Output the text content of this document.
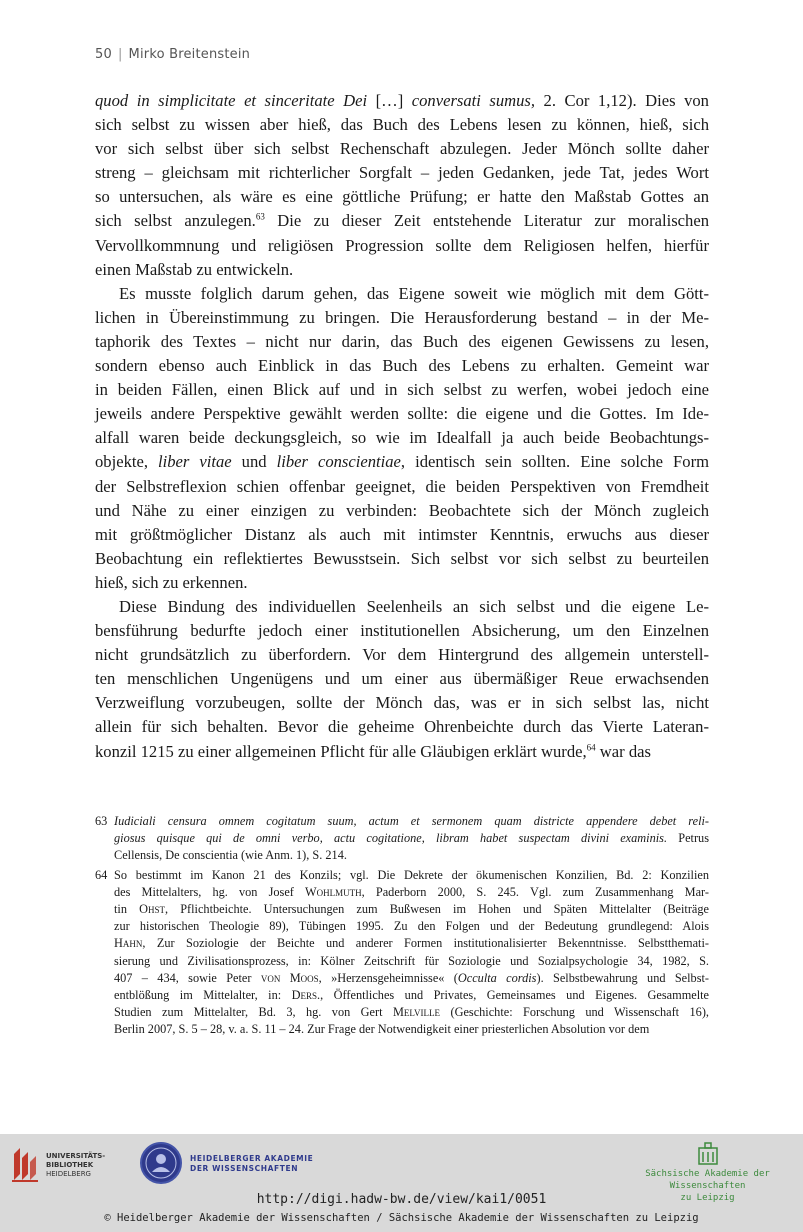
50 | Mirko Breitenstein

quod in simplicitate et sinceritate Dei […] conversati sumus, 2. Cor 1,12). Dies von
sich selbst zu wissen aber hieß, das Buch des Lebens lesen zu können, hieß, sich
vor sich selbst über sich selbst Rechenschaft abzulegen. Jeder Mönch sollte daher
streng – gleichsam mit richterlicher Sorgfalt – jeden Gedanken, jede Tat, jedes Wort
so untersuchen, als wäre es eine göttliche Prüfung; er hatte den Maßstab Gottes an
sich selbst anzulegen.$^{63}$ Die zu dieser Zeit entstehende Literatur zur moralischen
Vervollkommnung und religiösen Progression sollte dem Religiosen helfen, hierfür
einen Maßstab zu entwickeln.

Es musste folglich darum gehen, das Eigene soweit wie möglich mit dem Gött-
lichen in Übereinstimmung zu bringen. Die Herausforderung bestand – in der Me-
taphorik des Textes – nicht nur darin, das Buch des eigenen Gewissens zu lesen,
sondern ebenso auch Einblick in das Buch des Lebens zu erhalten. Gemeint war
in beiden Fällen, einen Blick auf und in sich selbst zu werfen, wobei jedoch eine
jeweils andere Perspektive gewählt werden sollte: die eigene und die Gottes. Im Ide-
alfall waren beide deckungsgleich, so wie im Idealfall ja auch beide Beobachtungs-
objekte, liber vitae und liber conscientiae, identisch sein sollten. Eine solche Form
der Selbstreflexion schien offenbar geeignet, die beiden Perspektiven von Fremdheit
und Nähe zu einer einzigen zu verbinden: Beobachtete sich der Mönch zugleich
mit größtmöglicher Distanz als auch mit intimster Kenntnis, erwuchs aus dieser
Beobachtung ein reflektiertes Bewusstsein. Sich selbst vor sich selbst zu beurteilen
hieß, sich zu erkennen.

Diese Bindung des individuellen Seelenheils an sich selbst und die eigene Le-
bensführung bedurfte jedoch einer institutionellen Absicherung, um den Einzelnen
nicht grundsätzlich zu überfordern. Vor dem Hintergrund des allgemein unterstell-
ten menschlichen Ungenügens und um einer aus übermäßiger Reue erwachsenden
Verzweiflung vorzubeugen, sollte der Mönch das, was er in sich selbst las, nicht
allein für sich behalten. Bevor die geheime Ohrenbeichte durch das Vierte Lateran-
konzil 1215 zu einer allgemeinen Pflicht für alle Gläubigen erklärt wurde,$^{64}$ war das

63 Iudiciali censura omnem cogitatum suum, actum et sermonem quam districte appendere debet reli-
giosus quisque qui de omni verbo, actu cogitatione, libram habet suspectam divini examinis. Petrus
Cellensis, De conscientia (wie Anm. 1), S. 214.
64 So bestimmt im Kanon 21 des Konzils; vgl. Die Dekrete der ökumenischen Konzilien, Bd. 2: Konzilien
des Mittelalters, hg. von Josef Wohlmuth, Paderborn 2000, S. 245. Vgl. zum Zusammenhang Mar-
tin Ohst, Pflichtbeichte. Untersuchungen zum Bußwesen im Hohen und Späten Mittelalter (Beiträge
zur historischen Theologie 89), Tübingen 1995. Zu den Folgen und der Bedeutung grundlegend: Alois
Hahn, Zur Soziologie der Beichte und anderer Formen institutionalisierter Bekenntnisse. Selbstthemati-
sierung und Zivilisationsprozess, in: Kölner Zeitschrift für Soziologie und Sozialpsychologie 34, 1982, S.
407 – 434, sowie Peter von Moos, »Herzensgeheimnisse« (Occulta cordis). Selbstbewahrung und Selbst-
entblößung im Mittelalter, in: Ders., Öffentliches und Privates, Gemeinsames und Eigenes. Gesammelte
Studien zum Mittelalter, Bd. 3, hg. von Gert Melville (Geschichte: Forschung und Wissenschaft 16),
Berlin 2007, S. 5 – 28, v. a. S. 11 – 24. Zur Frage der Notwendigkeit einer priesterlichen Absolution vor dem
UNIVERSITÄTS-
BIBLIOTHEK
HEIDELBERG
HEIDELBERGER AKADEMIE
DER WISSENSCHAFTEN
Sächsische Akademie der Wissenschaften
zu Leipzig
http://digi.hadw-bw.de/view/kai1/0051
© Heidelberger Akademie der Wissenschaften / Sächsische Akademie der Wissenschaften zu Leipzig
